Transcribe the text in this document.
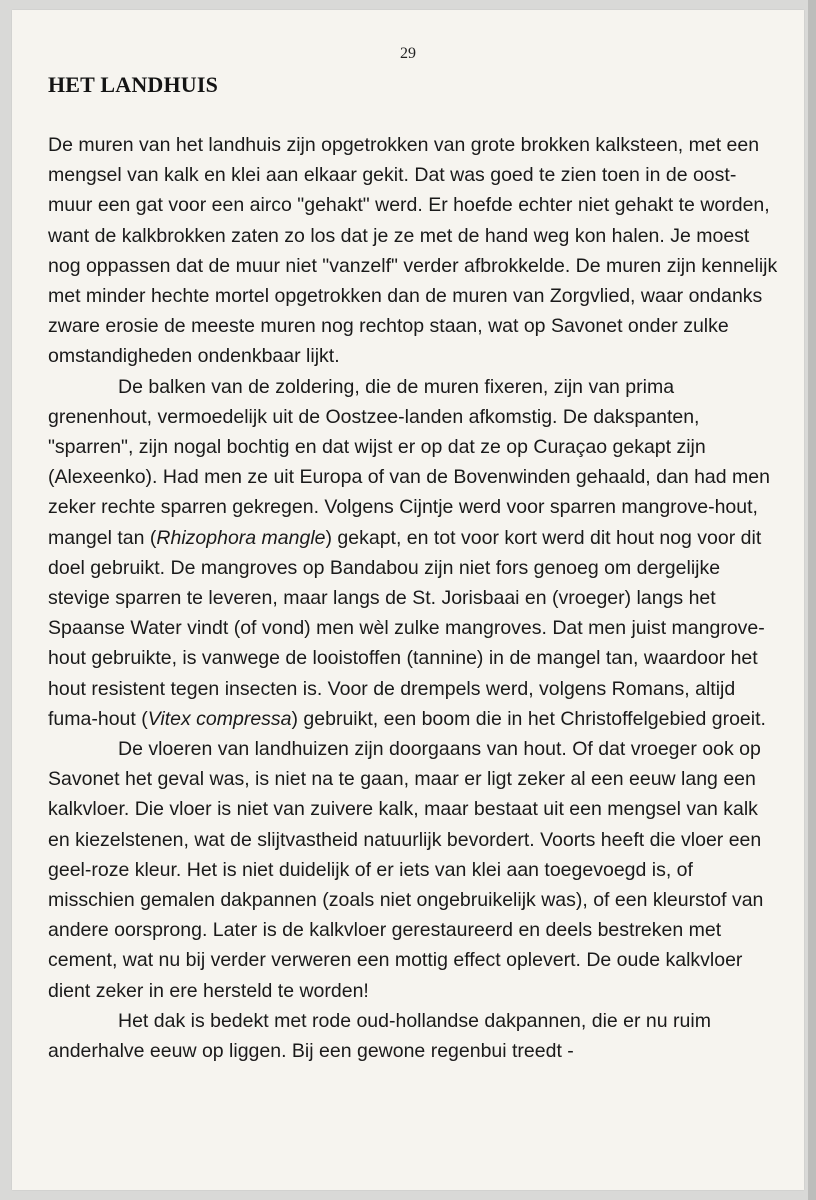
29
HET LANDHUIS

De muren van het landhuis zijn opgetrokken van grote brokken kalksteen, met een mengsel van kalk en klei aan elkaar gekit. Dat was goed te zien toen in de oost-muur een gat voor een airco "gehakt" werd. Er hoefde echter niet gehakt te worden, want de kalkbrokken zaten zo los dat je ze met de hand weg kon halen. Je moest nog oppassen dat de muur niet "vanzelf" verder afbrokkelde. De muren zijn kennelijk met minder hechte mortel opgetrokken dan de muren van Zorgvlied, waar ondanks zware erosie de meeste muren nog rechtop staan, wat op Savonet onder zulke omstandigheden ondenkbaar lijkt.

De balken van de zoldering, die de muren fixeren, zijn van prima grenenhout, vermoedelijk uit de Oostzee-landen afkomstig. De dakspanten, "sparren", zijn nogal bochtig en dat wijst er op dat ze op Curaçao gekapt zijn (Alexeenko). Had men ze uit Europa of van de Bovenwinden gehaald, dan had men zeker rechte sparren gekregen. Volgens Cijntje werd voor sparren mangrove-hout, mangel tan (Rhizophora mangle) gekapt, en tot voor kort werd dit hout nog voor dit doel gebruikt. De mangroves op Bandabou zijn niet fors genoeg om dergelijke stevige sparren te leveren, maar langs de St. Jorisbaai en (vroeger) langs het Spaanse Water vindt (of vond) men wèl zulke mangroves. Dat men juist mangrove-hout gebruikte, is vanwege de looistoffen (tannine) in de mangel tan, waardoor het hout resistent tegen insecten is. Voor de drempels werd, volgens Romans, altijd fuma-hout (Vitex compressa) gebruikt, een boom die in het Christoffelgebied groeit.

De vloeren van landhuizen zijn doorgaans van hout. Of dat vroeger ook op Savonet het geval was, is niet na te gaan, maar er ligt zeker al een eeuw lang een kalkvloer. Die vloer is niet van zuivere kalk, maar bestaat uit een mengsel van kalk en kiezelstenen, wat de slijtvastheid natuurlijk bevordert. Voorts heeft die vloer een geel-roze kleur. Het is niet duidelijk of er iets van klei aan toegevoegd is, of misschien gemalen dakpannen (zoals niet ongebruikelijk was), of een kleurstof van andere oorsprong. Later is de kalkvloer gerestaureerd en deels bestreken met cement, wat nu bij verder verweren een mottig effect oplevert. De oude kalkvloer dient zeker in ere hersteld te worden!

Het dak is bedekt met rode oud-hollandse dakpannen, die er nu ruim anderhalve eeuw op liggen. Bij een gewone regenbui treedt -
